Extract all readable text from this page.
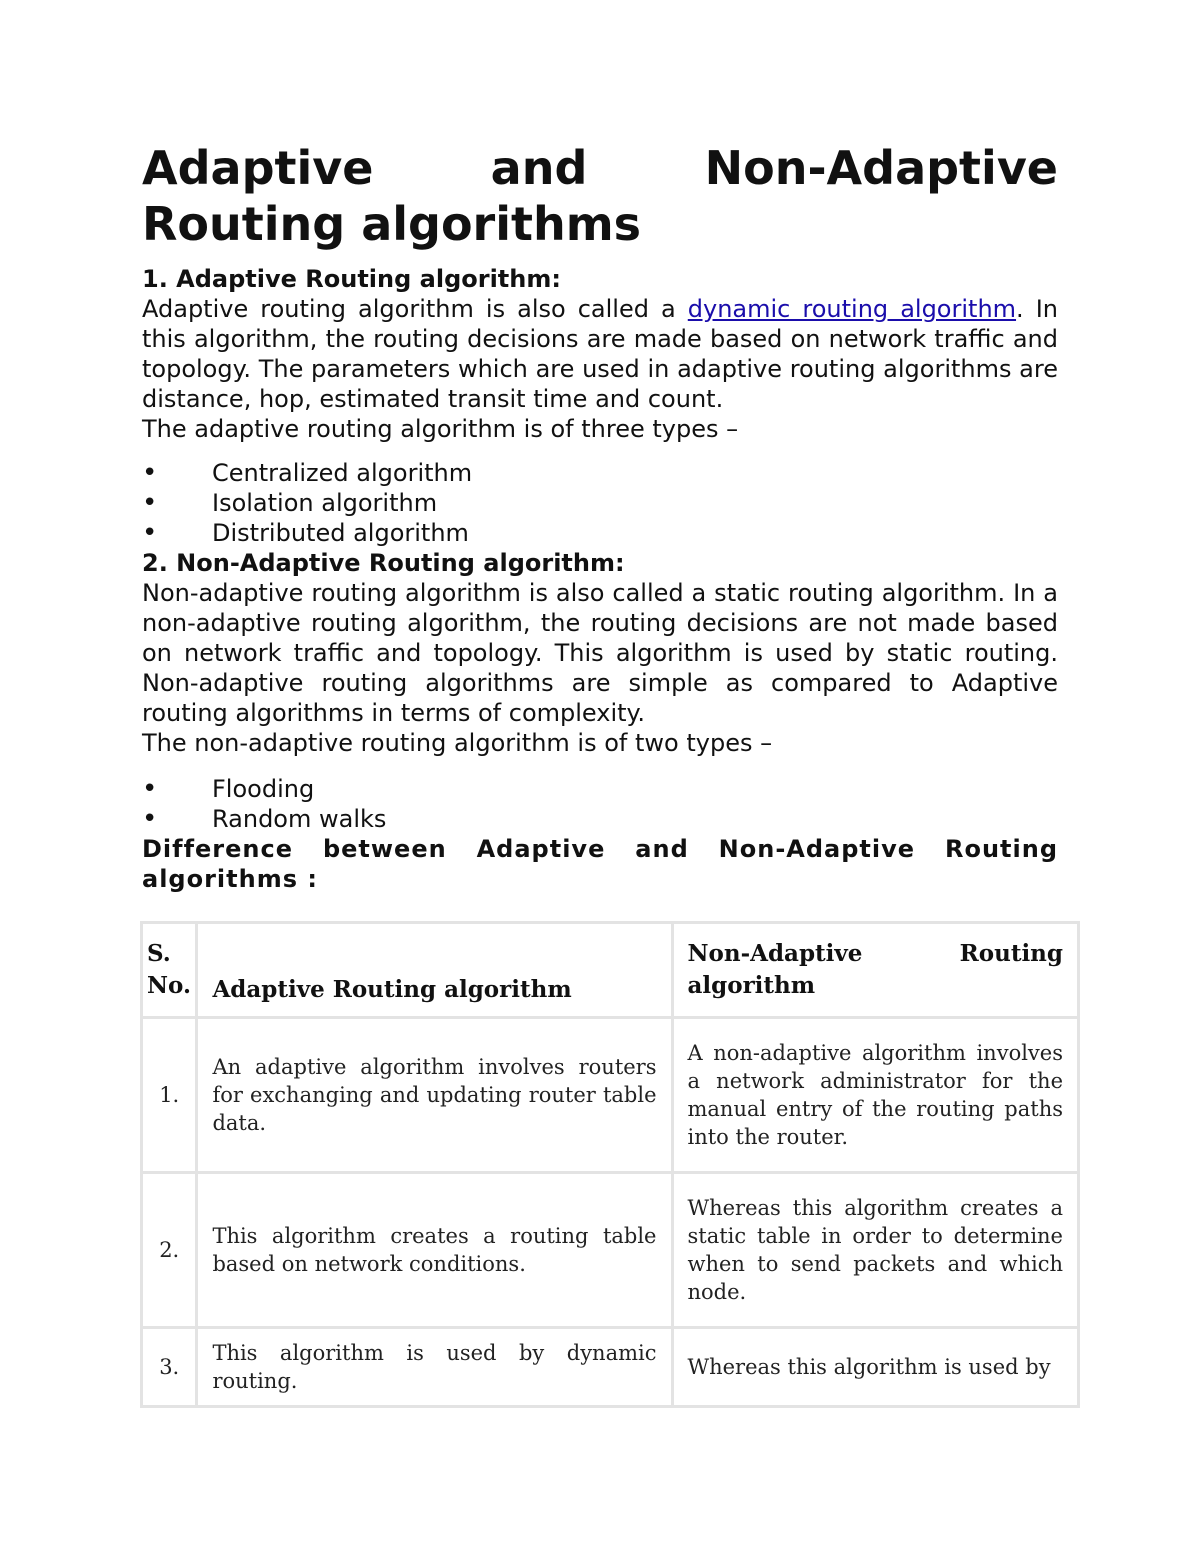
Adaptive and Non-Adaptive Routing algorithms
1. Adaptive Routing algorithm:

Adaptive routing algorithm is also called a dynamic routing algorithm. In this algorithm, the routing decisions are made based on network traffic and topology. The parameters which are used in adaptive routing algorithms are distance, hop, estimated transit time and count.

The adaptive routing algorithm is of three types –

• Centralized algorithm
• Isolation algorithm
• Distributed algorithm
2. Non-Adaptive Routing algorithm:

Non-adaptive routing algorithm is also called a static routing algorithm. In a non-adaptive routing algorithm, the routing decisions are not made based on network traffic and topology. This algorithm is used by static routing. Non-adaptive routing algorithms are simple as compared to Adaptive routing algorithms in terms of complexity.

The non-adaptive routing algorithm is of two types –

• Flooding
• Random walks
Difference between Adaptive and Non-Adaptive Routing algorithms :
S. No.	Adaptive Routing algorithm	Non-Adaptive Routing algorithm
1.	An adaptive algorithm involves routers for exchanging and updating router table data.	A non-adaptive algorithm involves a network administrator for the manual entry of the routing paths into the router.
2.	This algorithm creates a routing table based on network conditions.	Whereas this algorithm creates a static table in order to determine when to send packets and which node.
3.	This algorithm is used by dynamic routing.	Whereas this algorithm is used by
